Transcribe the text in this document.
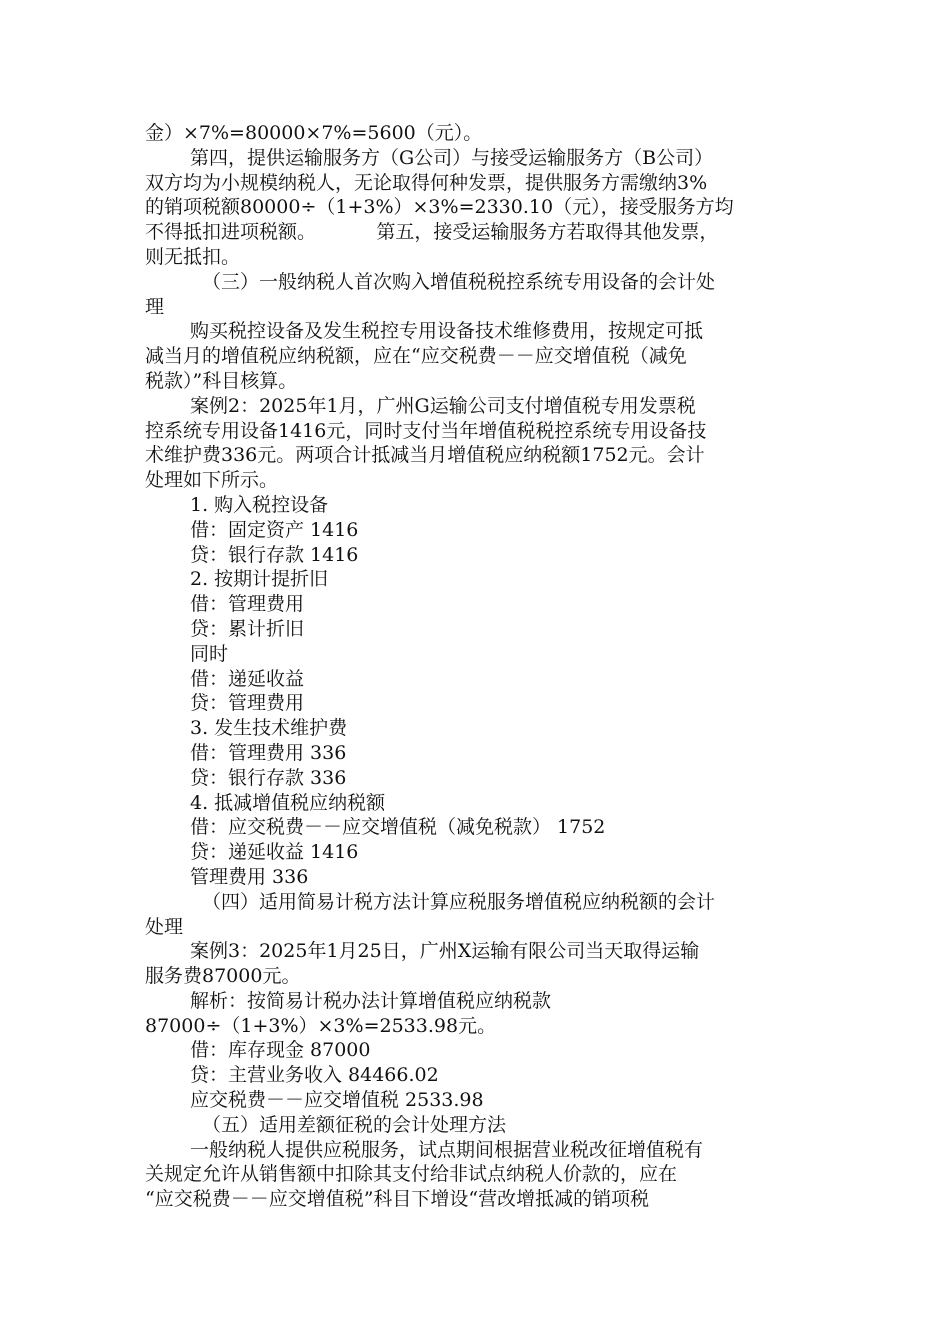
金）×7%=80000×7%=5600（元）。
第四，提供运输服务方（G公司）与接受运输服务方（B公司）
双方均为小规模纳税人，无论取得何种发票，提供服务方需缴纳3%
的销项税额80000÷（1+3%）×3%=2330.10（元），接受服务方均
不得抵扣进项税额。          第五，接受运输服务方若取得其他发票，
则无抵扣。
（三）一般纳税人首次购入增值税税控系统专用设备的会计处
理
购买税控设备及发生税控专用设备技术维修费用，按规定可抵
减当月的增值税应纳税额，应在“应交税费－－应交增值税（减免
税款）”科目核算。
案例2：2025年1月，广州G运输公司支付增值税专用发票税
控系统专用设备1416元，同时支付当年增值税税控系统专用设备技
术维护费336元。两项合计抵减当月增值税应纳税额1752元。会计
处理如下所示。
1. 购入税控设备
借：固定资产 1416
贷：银行存款 1416
2. 按期计提折旧
借：管理费用
贷：累计折旧
同时
借：递延收益
贷：管理费用
3. 发生技术维护费
借：管理费用 336
贷：银行存款 336
4. 抵减增值税应纳税额
借：应交税费－－应交增值税（减免税款） 1752
贷：递延收益 1416
管理费用 336
（四）适用简易计税方法计算应税服务增值税应纳税额的会计
处理
案例3：2025年1月25日，广州X运输有限公司当天取得运输
服务费87000元。
解析：按简易计税办法计算增值税应纳税款
87000÷（1+3%）×3%=2533.98元。
借：库存现金 87000
贷：主营业务收入 84466.02
应交税费－－应交增值税 2533.98
（五）适用差额征税的会计处理方法
一般纳税人提供应税服务，试点期间根据营业税改征增值税有
关规定允许从销售额中扣除其支付给非试点纳税人价款的，应在
“应交税费－－应交增值税”科目下增设“营改增抵减的销项税
